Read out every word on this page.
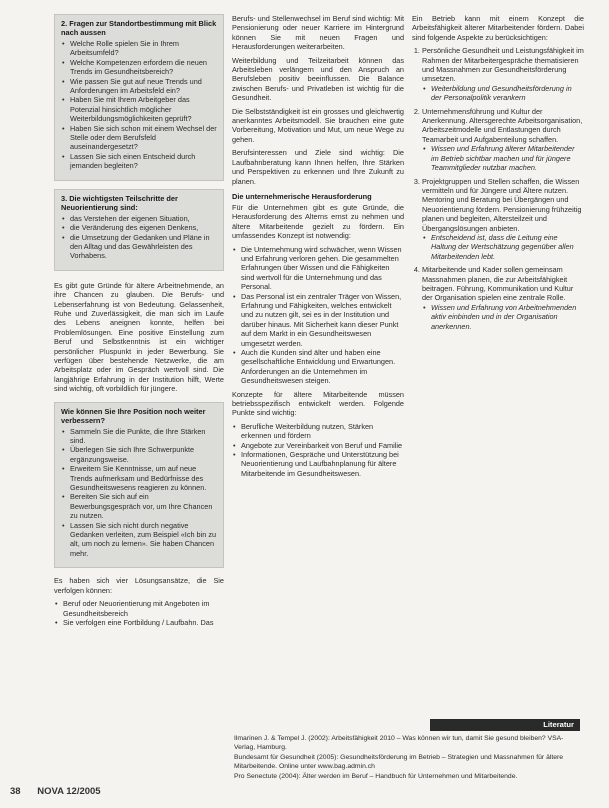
2. Fragen zur Standortbestimmung mit Blick nach aussen
• Welche Rolle spielen Sie in Ihrem Arbeitsumfeld?
• Welche Kompetenzen erfordern die neuen Trends im Gesundheitsbereich?
• Wie passen Sie gut auf neue Trends und Anforderungen im Arbeitsfeld ein?
• Haben Sie mit Ihrem Arbeitgeber das Potenzial hinsichtlich möglicher Weiterbildungsmöglichkeiten geprüft?
• Haben Sie sich schon mit einem Wechsel der Stelle oder dem Berufsfeld auseinandergesetzt?
• Lassen Sie sich einen Entscheid durch jemanden begleiten?
3. Die wichtigsten Teilschritte der Neuorientierung sind:
• das Verstehen der eigenen Situation,
• die Veränderung des eigenen Denkens,
• die Umsetzung der Gedanken und Pläne in den Alltag und das Gewährleisten des Vorhabens.

Es gibt gute Gründe für ältere Arbeitnehmende, an ihre Chancen zu glauben. Die Berufs- und Lebenserfahrung ist von Bedeutung. Gelassenheit, Ruhe und Zuverlässigkeit, die man sich im Laufe des Lebens aneignen konnte, helfen bei Problemlösungen. Eine positive Einstellung zum Beruf und Selbstkenntnis ist ein wichtiger persönlicher Pluspunkt in jeder Bewerbung. Sie verfügen über bestehende Netzwerke, die am Arbeitsplatz oder im Gespräch wertvoll sind. Die langjährige Erfahrung in der Institution hilft, Werte sind wichtig, oft vorbildlich für jüngere.

Wie können Sie Ihre Position noch weiter verbessern?
• Sammeln Sie die Punkte, die Ihre Stärken sind.
• Überlegen Sie sich Ihre Schwerpunkte ergänzungsweise.
• Erweitern Sie Kenntnisse, um auf neue Trends aufmerksam und Bedürfnisse des Gesundheitswesens reagieren zu können.
• Bereiten Sie sich auf ein Bewerbungsgespräch vor, um Ihre Chancen zu nutzen.
• Lassen Sie sich nicht durch negative Gedanken verleiten, zum Beispiel «Ich bin zu alt, um noch zu lernen». Sie haben Chancen mehr.

Es haben sich vier Lösungsansätze, die Sie verfolgen können:

• Beruf oder Neuorientierung mit Angeboten im Gesundheitsbereich
• Sie verfolgen eine Fortbildung / Laufbahn. Das

Berufs- und Stellenwechsel im Beruf sind wichtig: Mit Pensionierung oder neuer Karriere im Hintergrund können Sie mit neuen Fragen und Herausforderungen weiterarbeiten.

Weiterbildung und Teilzeitarbeit können das Arbeitsleben verlängern und den Anspruch an Berufsleben positiv beeinflussen. Die Balance zwischen Berufs- und Privatleben ist wichtig für die Gesundheit.

Die Selbstständigkeit ist ein grosses und gleichwertig anerkanntes Arbeitsmodell. Sie brauchen eine gute Vorbereitung, Motivation und Mut, um neue Wege zu gehen.

Berufsinteressen und Ziele sind wichtig: Die Laufbahnberatung kann Ihnen helfen, Ihre Stärken und Perspektiven zu erkennen und Ihre Zukunft zu planen.

Die unternehmerische Herausforderung

Für die Unternehmen gibt es gute Gründe, die Herausforderung des Alterns ernst zu nehmen und ältere Mitarbeitende gezielt zu fördern. Ein umfassendes Konzept ist notwendig:

• Die Unternehmung wird schwächer, wenn Wissen und Erfahrung verloren gehen. Die gesammelten Erfahrungen über Wissen und die Fähigkeiten sind wertvoll für die Unternehmung und das Personal.
• Das Personal ist ein zentraler Träger von Wissen, Erfahrung und Fähigkeiten, welches entwickelt und zu nutzen gilt, sei es in der Institution und darüber hinaus. Mit Sicherheit kann dieser Punkt auf dem Markt in ein Gesundheitswesen umgesetzt werden.
• Auch die Kunden sind älter und haben eine gesellschaftliche Entwicklung und Erwartungen. Anforderungen an die Unternehmen im Gesundheitswesen steigen.

Konzepte für ältere Mitarbeitende müssen betriebsspezifisch entwickelt werden. Folgende Punkte sind wichtig:

• Berufliche Weiterbildung nutzen, Stärken erkennen und fördern
• Angebote zur Vereinbarkeit von Beruf und Familie
• Informationen, Gespräche und Unterstützung bei Neuorientierung und Laufbahnplanung für ältere Mitarbeitende im Gesundheitswesen.

Ein Betrieb kann mit einem Konzept die Arbeitsfähigkeit älterer Mitarbeitender fördern. Dabei sind folgende Aspekte zu berücksichtigen:

1. Persönliche Gesundheit und Leistungsfähigkeit im Rahmen der Mitarbeitergespräche thematisieren und Massnahmen zur Gesundheitsförderung umsetzen.
• Weiterbildung und Gesundheitsförderung in der Personalpolitik verankern
2. Unternehmensführung und Kultur der Anerkennung. Altersgerechte Arbeitsorganisation, Arbeitszeitmodelle und Entlastungen durch Teamarbeit und Aufgabenteilung schaffen.
• Wissen und Erfahrung älterer Mitarbeitender im Betrieb sichtbar machen und für jüngere Teammitglieder nutzbar machen.
3. Projektgruppen und Stellen schaffen, die Wissen vermitteln und für Jüngere und Ältere nutzen. Mentoring und Beratung bei Übergängen und Neuorientierung fördern. Pensionierung frühzeitig planen und begleiten, Altersteilzeit und Übergangslösungen anbieten.
• Entscheidend ist, dass die Leitung eine Haltung der Wertschätzung gegenüber allen Mitarbeitenden lebt.
4. Mitarbeitende und Kader sollen gemeinsam Massnahmen planen, die zur Arbeitsfähigkeit beitragen. Führung, Kommunikation und Kultur der Organisation spielen eine zentrale Rolle.
• Wissen und Erfahrung von Arbeitnehmenden aktiv einbinden und in der Organisation anerkennen.
Literatur

Ilmarinen J. & Tempel J. (2002): Arbeitsfähigkeit 2010 – Was können wir tun, damit Sie gesund bleiben? VSA-Verlag, Hamburg.

Bundesamt für Gesundheit (2005): Gesundheitsförderung im Betrieb – Strategien und Massnahmen für ältere Mitarbeitende. Online unter www.bag.admin.ch

Pro Senectute (2004): Älter werden im Beruf – Handbuch für Unternehmen und Mitarbeitende.

38 NOVA 12/2005
